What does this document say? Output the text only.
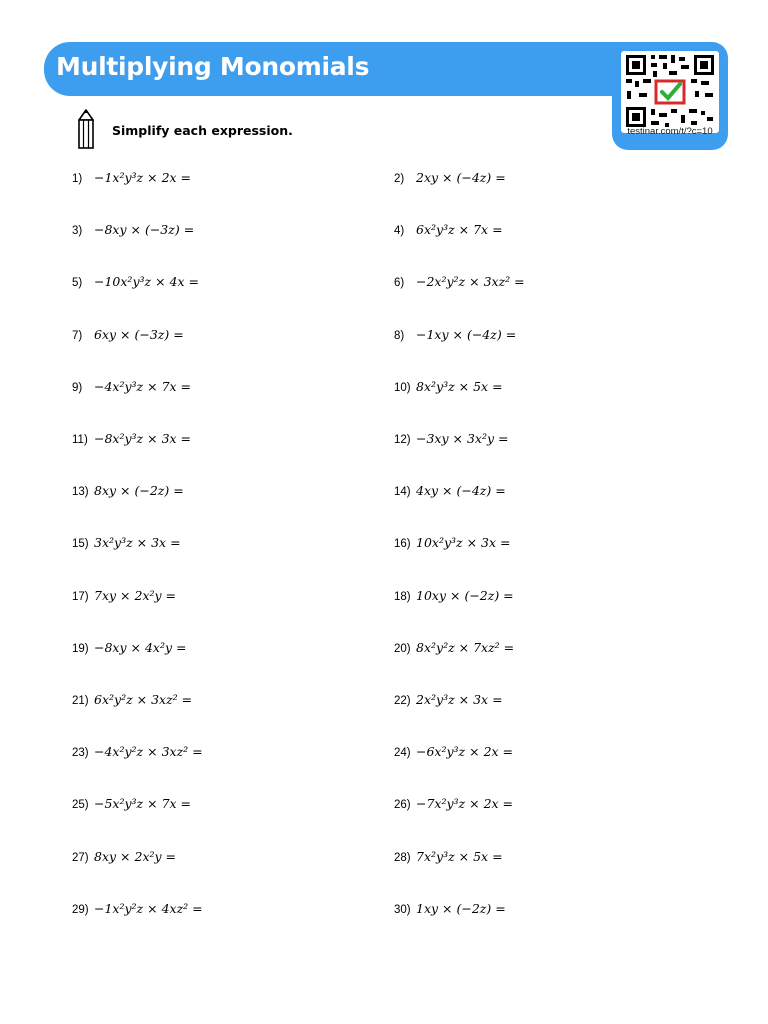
Multiplying Monomials
testinar.com/t/?c=10
Simplify each expression.
1) −1x²y³z × 2x =	2) 2xy × (−4z) =
3) −8xy × (−3z) =	4) 6x²y³z × 7x =
5) −10x²y³z × 4x =	6) −2x²y²z × 3xz² =
7) 6xy × (−3z) =	8) −1xy × (−4z) =
9) −4x²y³z × 7x =	10) 8x²y³z × 5x =
11) −8x²y³z × 3x =	12) −3xy × 3x²y =
13) 8xy × (−2z) =	14) 4xy × (−4z) =
15) 3x²y³z × 3x =	16) 10x²y³z × 3x =
17) 7xy × 2x²y =	18) 10xy × (−2z) =
19) −8xy × 4x²y =	20) 8x²y²z × 7xz² =
21) 6x²y²z × 3xz² =	22) 2x²y³z × 3x =
23) −4x²y²z × 3xz² =	24) −6x²y³z × 2x =
25) −5x²y³z × 7x =	26) −7x²y³z × 2x =
27) 8xy × 2x²y =	28) 7x²y³z × 5x =
29) −1x²y²z × 4xz² =	30) 1xy × (−2z) =
